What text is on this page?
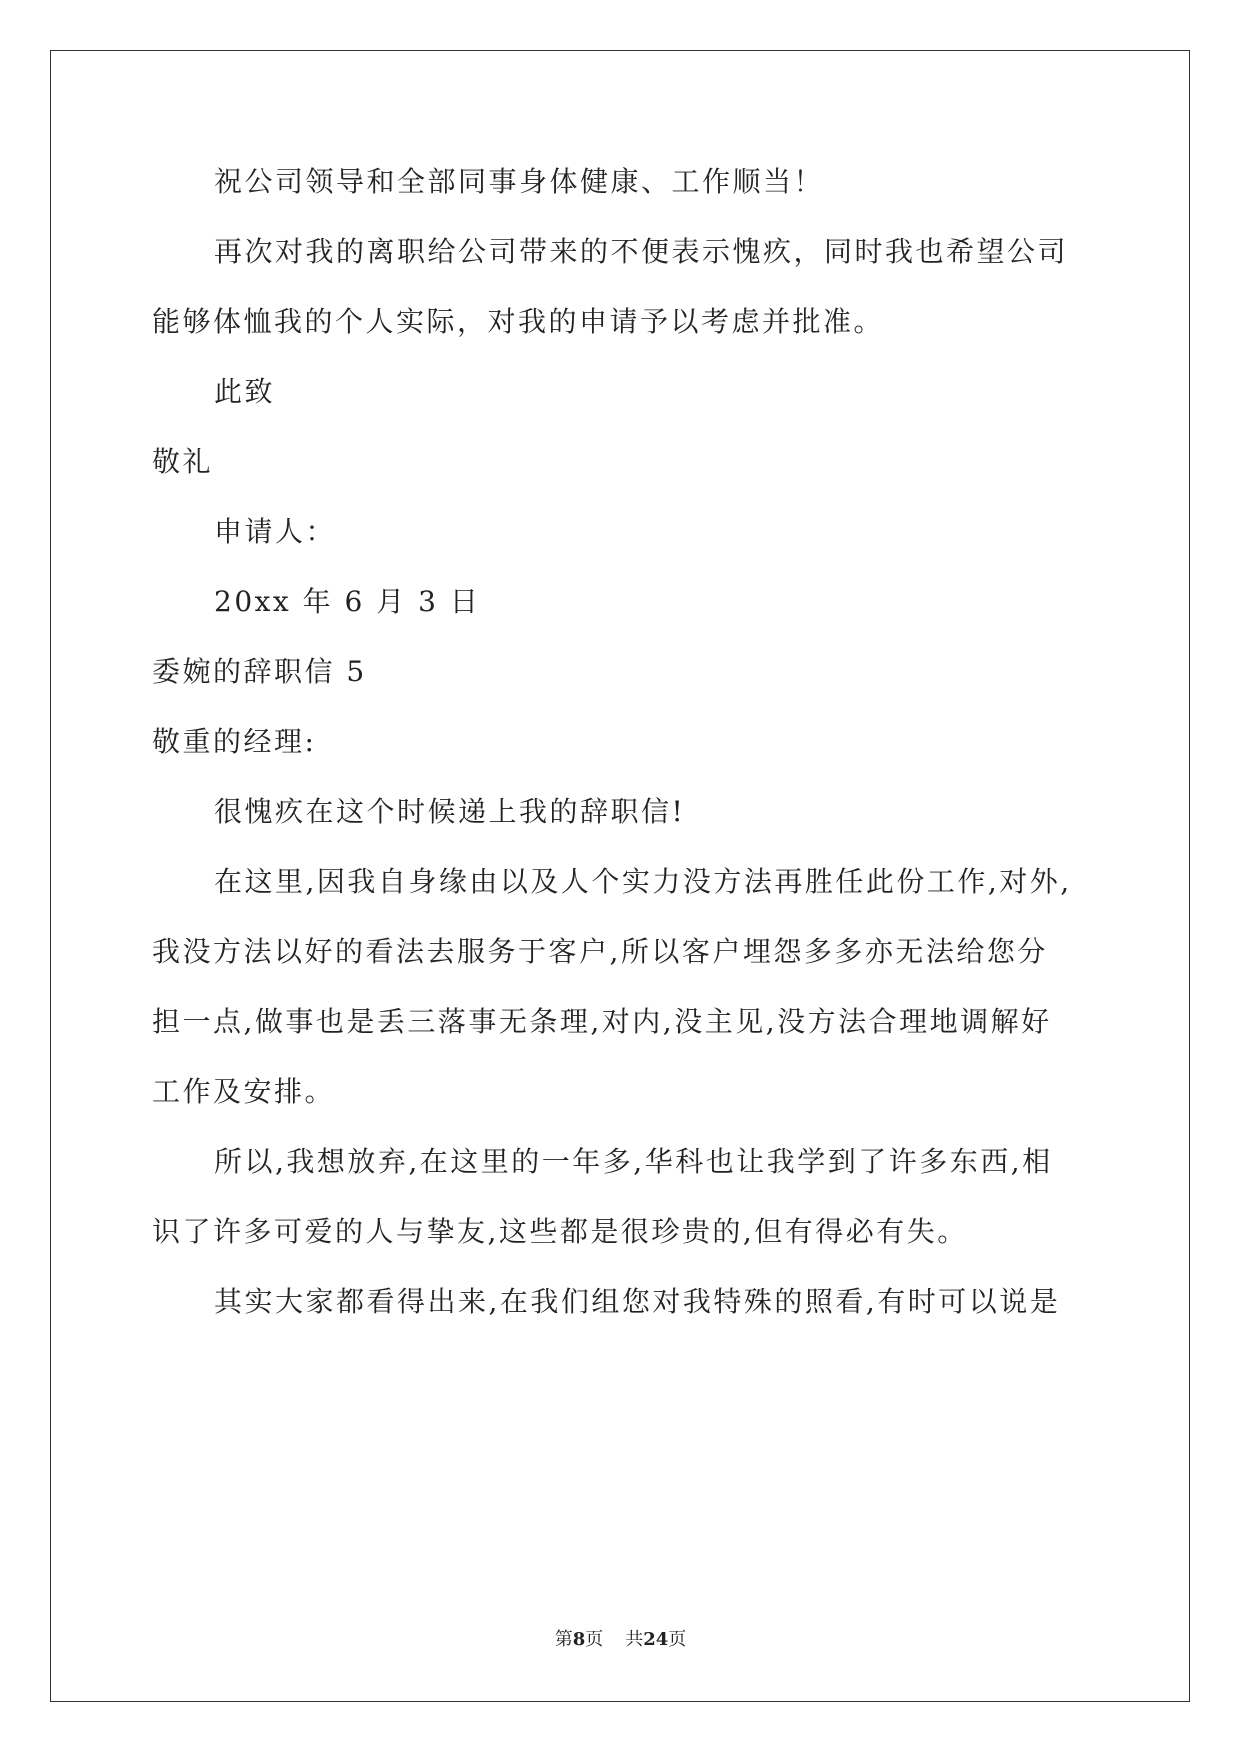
祝公司领导和全部同事身体健康、工作顺当！
再次对我的离职给公司带来的不便表示愧疚，同时我也希望公司
能够体恤我的个人实际，对我的申请予以考虑并批准。
此致
敬礼
申请人：
20xx 年 6 月 3 日
委婉的辞职信 5
敬重的经理:
很愧疚在这个时候递上我的辞职信!
在这里,因我自身缘由以及人个实力没方法再胜任此份工作,对外,
我没方法以好的看法去服务于客户,所以客户埋怨多多亦无法给您分
担一点,做事也是丢三落事无条理,对内,没主见,没方法合理地调解好
工作及安排。
所以,我想放弃,在这里的一年多,华科也让我学到了许多东西,相
识了许多可爱的人与挚友,这些都是很珍贵的,但有得必有失。
其实大家都看得出来,在我们组您对我特殊的照看,有时可以说是
第8页 共24页
